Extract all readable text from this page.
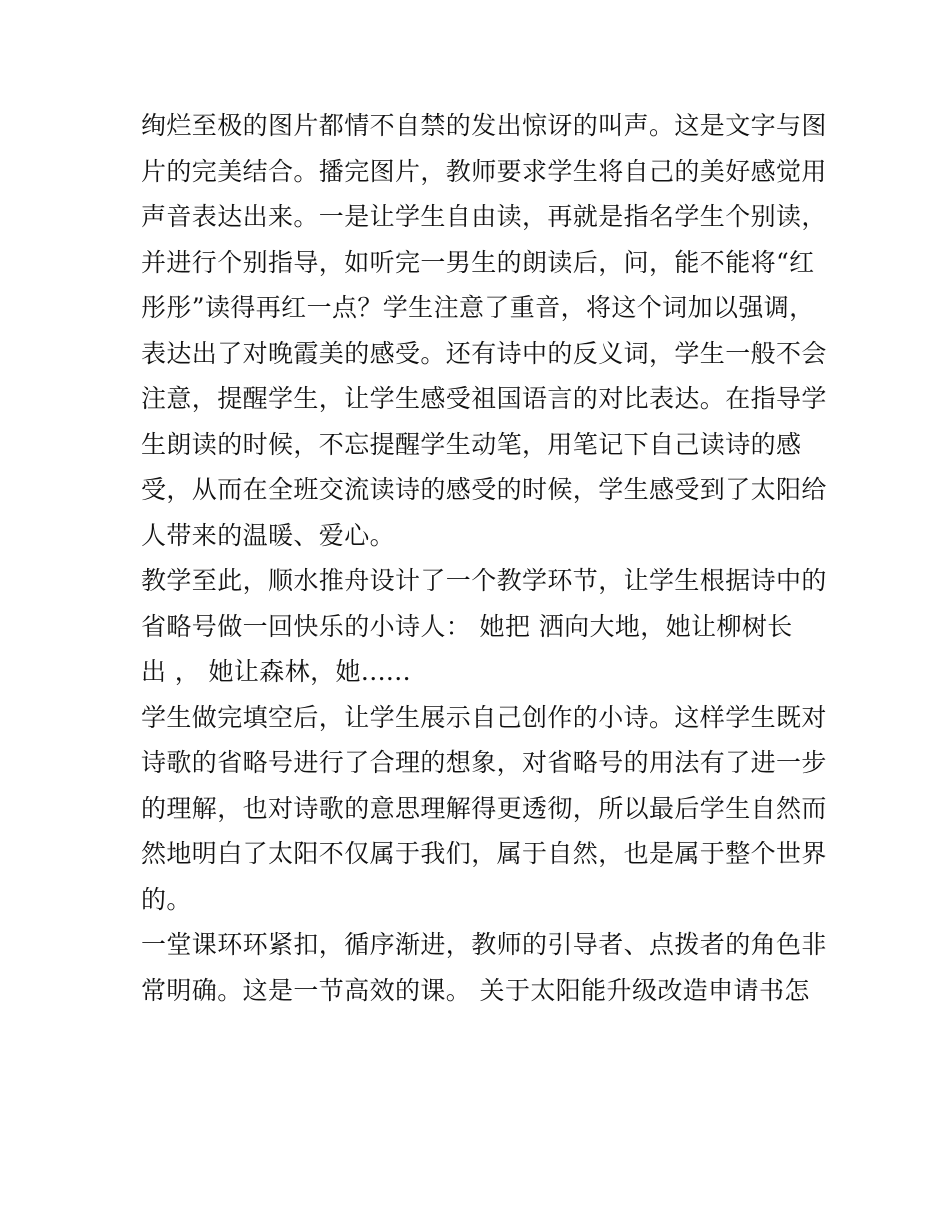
绚烂至极的图片都情不自禁的发出惊讶的叫声。这是文字与图
片的完美结合。播完图片，教师要求学生将自己的美好感觉用
声音表达出来。一是让学生自由读，再就是指名学生个别读，
并进行个别指导，如听完一男生的朗读后，问，能不能将“红
彤彤”读得再红一点？学生注意了重音，将这个词加以强调，
表达出了对晚霞美的感受。还有诗中的反义词，学生一般不会
注意，提醒学生，让学生感受祖国语言的对比表达。在指导学
生朗读的时候，不忘提醒学生动笔，用笔记下自己读诗的感
受，从而在全班交流读诗的感受的时候，学生感受到了太阳给
人带来的温暖、爱心。
教学至此，顺水推舟设计了一个教学环节，让学生根据诗中的
省略号做一回快乐的小诗人： 她把 洒向大地，她让柳树长
出 ， 她让森林，她......
学生做完填空后，让学生展示自己创作的小诗。这样学生既对
诗歌的省略号进行了合理的想象，对省略号的用法有了进一步
的理解，也对诗歌的意思理解得更透彻，所以最后学生自然而
然地明白了太阳不仅属于我们，属于自然，也是属于整个世界
的。
一堂课环环紧扣，循序渐进，教师的引导者、点拨者的角色非
常明确。这是一节高效的课。 关于太阳能升级改造申请书怎
